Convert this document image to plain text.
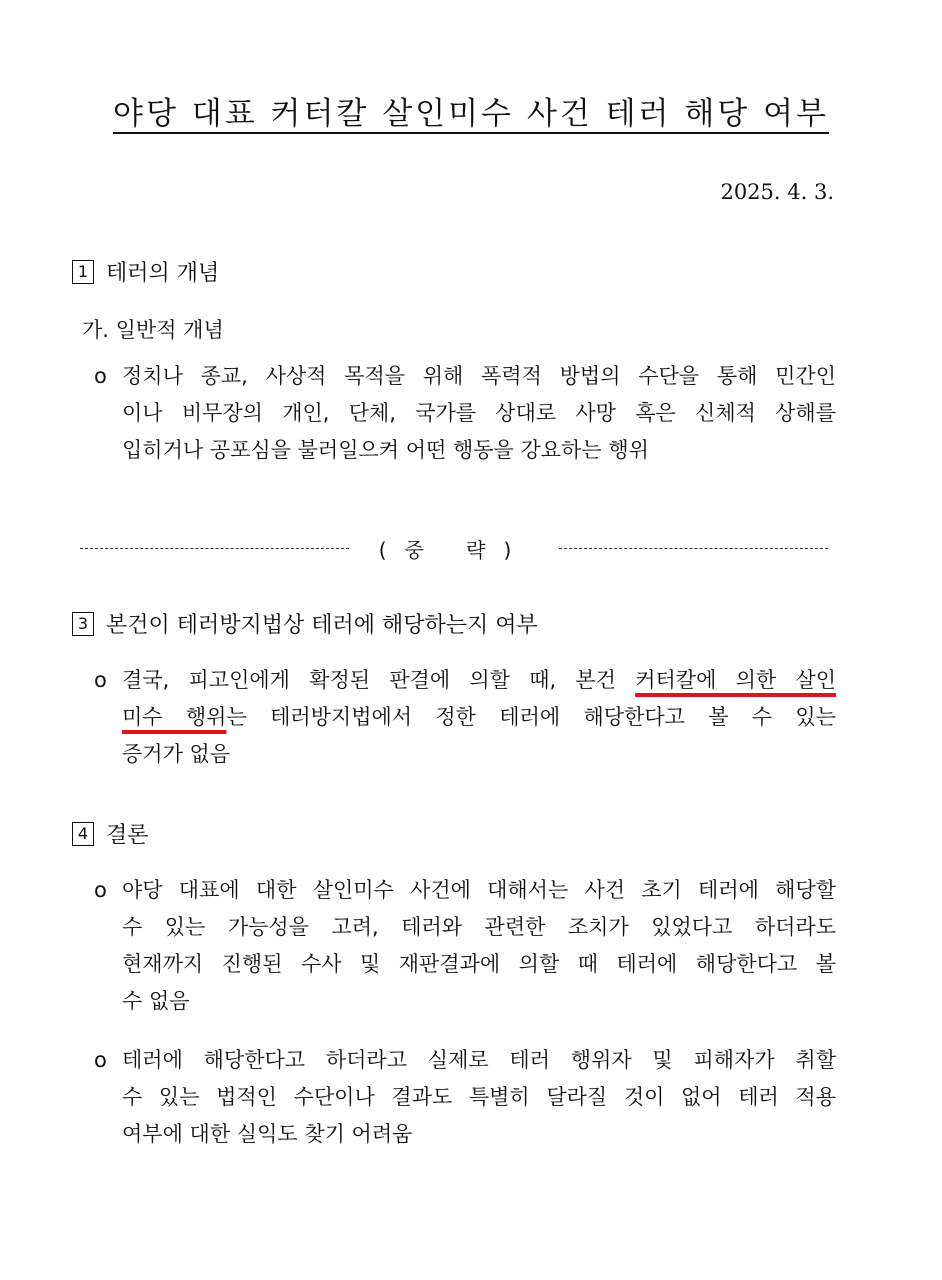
야당 대표 커터칼 살인미수 사건 테러 해당 여부
2025. 4. 3.
1 테러의 개념
가. 일반적 개념
o 정치나 종교, 사상적 목적을 위해 폭력적 방법의 수단을 통해 민간인
이나 비무장의 개인, 단체, 국가를 상대로 사망 혹은 신체적 상해를
입히거나 공포심을 불러일으켜 어떤 행동을 강요하는 행위
(중 략)
3 본건이 테러방지법상 테러에 해당하는지 여부
o 결국, 피고인에게 확정된 판결에 의할 때, 본건 커터칼에 의한 살인
미수 행위는 테러방지법에서 정한 테러에 해당한다고 볼 수 있는
증거가 없음
4 결론
o 야당 대표에 대한 살인미수 사건에 대해서는 사건 초기 테러에 해당할
수 있는 가능성을 고려, 테러와 관련한 조치가 있었다고 하더라도
현재까지 진행된 수사 및 재판결과에 의할 때 테러에 해당한다고 볼
수 없음
o 테러에 해당한다고 하더라고 실제로 테러 행위자 및 피해자가 취할
수 있는 법적인 수단이나 결과도 특별히 달라질 것이 없어 테러 적용
여부에 대한 실익도 찾기 어려움
